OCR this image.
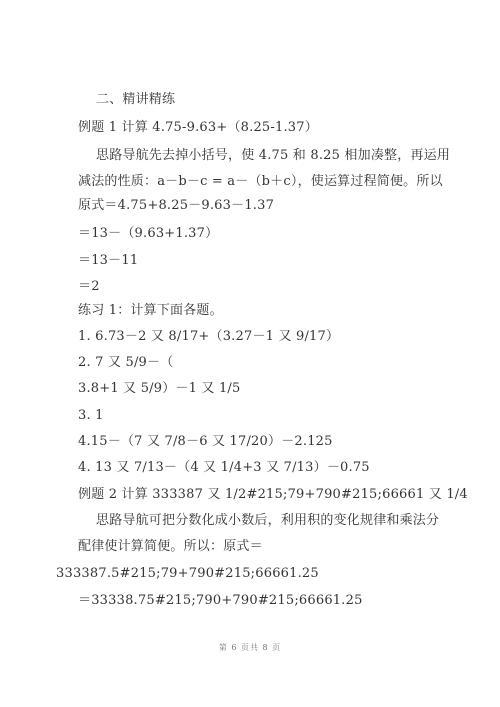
二、精讲精练
例题 1 计算 4.75-9.63+（8.25-1.37）
思路导航先去掉小括号，使 4.75 和 8.25 相加凑整，再运用
减法的性质：a－b－c = a－（b＋c），使运算过程简便。所以
原式＝4.75+8.25－9.63－1.37
＝13－（9.63+1.37）
＝13－11
＝2
练习 1：计算下面各题。
1. 6.73－2 又 8/17+（3.27－1 又 9/17）
2. 7 又 5/9－（
3.8+1 又 5/9）－1 又 1/5
3. 1
4.15－（7 又 7/8－6 又 17/20）－2.125
4. 13 又 7/13－（4 又 1/4+3 又 7/13）－0.75
例题 2 计算 333387 又 1/2#215;79+790#215;66661 又 1/4
思路导航可把分数化成小数后，利用积的变化规律和乘法分
配律使计算简便。所以：原式＝
333387.5#215;79+790#215;66661.25
＝33338.75#215;790+790#215;66661.25
第 6 页共 8 页
